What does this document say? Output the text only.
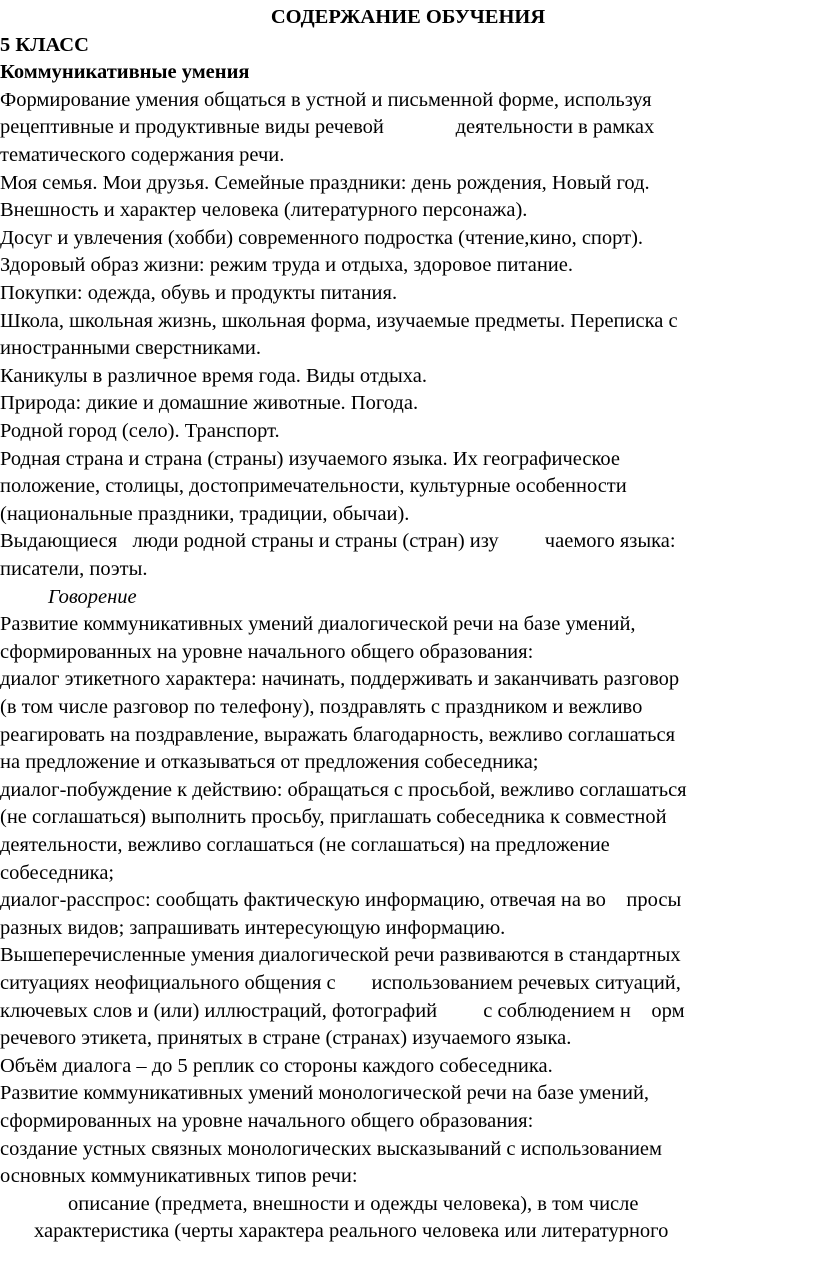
СОДЕРЖАНИЕ ОБУЧЕНИЯ
5 КЛАСС
Коммуникативные умения
Формирование умения общаться в устной и письменной форме, используя
рецептивные и продуктивные виды речевой              деятельности в рамках
тематического содержания речи.
Моя семья. Мои друзья. Семейные праздники: день рождения, Новый год.
Внешность и характер человека (литературного персонажа).
Досуг и увлечения (хобби) современного подростка (чтение,кино, спорт).
Здоровый образ жизни: режим труда и отдыха, здоровое питание.
Покупки: одежда, обувь и продукты питания.
Школа, школьная жизнь, школьная форма, изучаемые предметы. Переписка с
иностранными сверстниками.
Каникулы в различное время года. Виды отдыха.
Природа: дикие и домашние животные. Погода.
Родной город (село). Транспорт.
Родная страна и страна (страны) изучаемого языка. Их географическое
положение, столицы, достопримечательности, культурные особенности
(национальные праздники, традиции, обычаи).
Выдающиеся   люди родной страны и страны (стран) изу         чаемого языка:
писатели, поэты.
Говорение
Развитие коммуникативных умений диалогической речи на базе умений,
сформированных на уровне начального общего образования:
диалог этикетного характера: начинать, поддерживать и заканчивать разговор
(в том числе разговор по телефону), поздравлять с праздником и вежливо
реагировать на поздравление, выражать благодарность, вежливо соглашаться
на предложение и отказываться от предложения собеседника;
диалог-побуждение к действию: обращаться с просьбой, вежливо соглашаться
(не соглашаться) выполнить просьбу, приглашать собеседника к совместной
деятельности, вежливо соглашаться (не соглашаться) на предложение
собеседника;
диалог-расспрос: сообщать фактическую информацию, отвечая на во    просы
разных видов; запрашивать интересующую информацию.
Вышеперечисленные умения диалогической речи развиваются в стандартных
ситуациях неофициального общения с       использованием речевых ситуаций,
ключевых слов и (или) иллюстраций, фотографий         с соблюдением н    орм
речевого этикета, принятых в стране (странах) изучаемого языка.
Объём диалога – до 5 реплик со стороны каждого собеседника.
Развитие коммуникативных умений монологической речи на базе умений,
сформированных на уровне начального общего образования:
создание устных связных монологических высказываний с использованием
основных коммуникативных типов речи:
описание (предмета, внешности и одежды человека), в том числе
характеристика (черты характера реального человека или литературного
